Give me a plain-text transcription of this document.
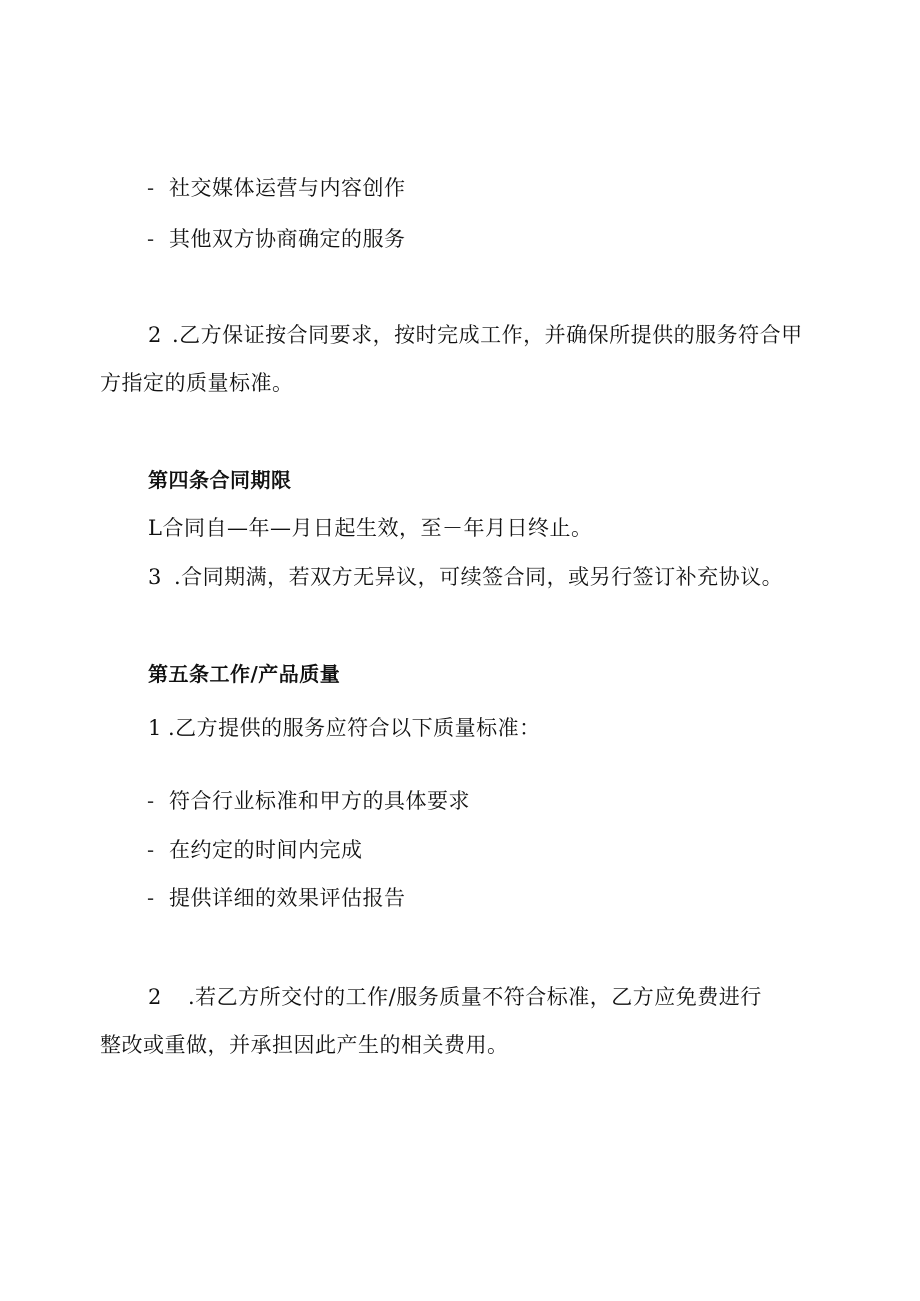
- 社交媒体运营与内容创作
- 其他双方协商确定的服务
2 .乙方保证按合同要求，按时完成工作，并确保所提供的服务符合甲
方指定的质量标准。
第四条合同期限
L合同自—年—月日起生效，至－年月日终止。
3 .合同期满，若双方无异议，可续签合同，或另行签订补充协议。
第五条工作/产品质量
1 .乙方提供的服务应符合以下质量标准：
- 符合行业标准和甲方的具体要求
- 在约定的时间内完成
- 提供详细的效果评估报告
2 .若乙方所交付的工作/服务质量不符合标准，乙方应免费进行
整改或重做，并承担因此产生的相关费用。
